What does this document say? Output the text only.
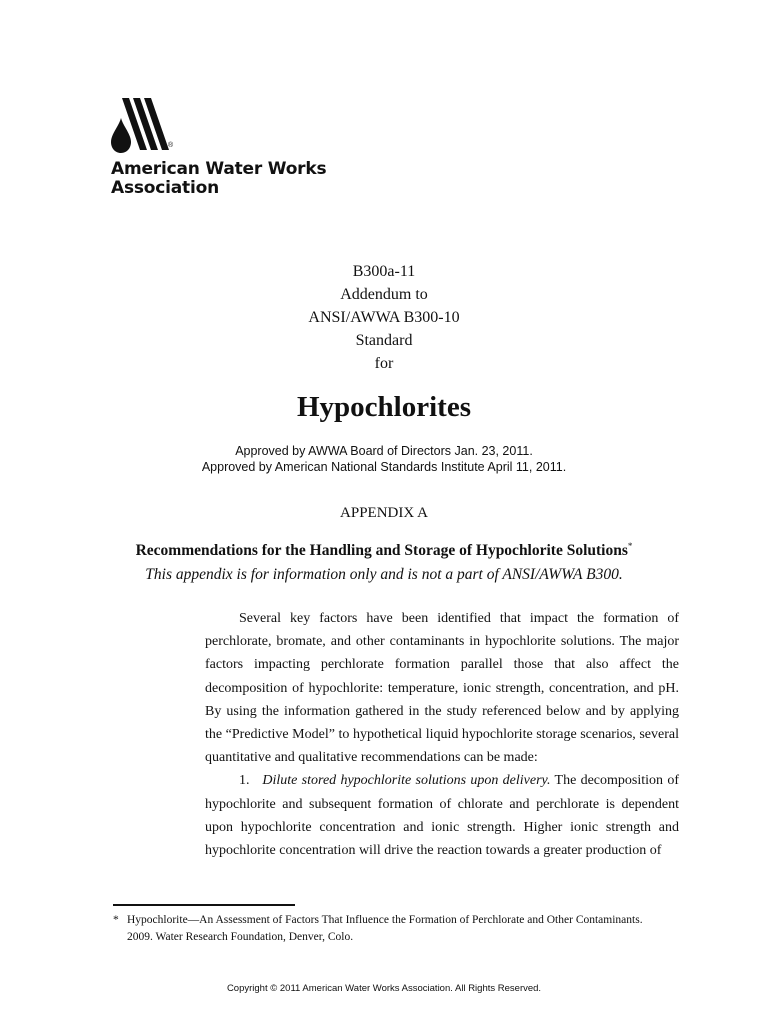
®
American Water Works
Association
B300a-11
Addendum to
ANSI/AWWA B300-10
Standard
for
Hypochlorites
Approved by AWWA Board of Directors Jan. 23, 2011.
Approved by American National Standards Institute April 11, 2011.
APPENDIX A
Recommendations for the Handling and Storage of Hypochlorite Solutions*
This appendix is for information only and is not a part of ANSI/AWWA B300.

Several key factors have been identified that impact the formation of perchlorate, bromate, and other contaminants in hypochlorite solutions. The major factors impacting perchlorate formation parallel those that also affect the decomposition of hypochlorite: temperature, ionic strength, concentration, and pH. By using the information gathered in the study referenced below and by applying the “Predictive Model” to hypothetical liquid hypochlorite storage scenarios, several quantitative and qualitative recommendations can be made:

1. Dilute stored hypochlorite solutions upon delivery. The decomposition of hypochlorite and subsequent formation of chlorate and perchlorate is dependent upon hypochlorite concentration and ionic strength. Higher ionic strength and hypochlorite concentration will drive the reaction towards a greater production of

* Hypochlorite—An Assessment of Factors That Influence the Formation of Perchlorate and Other Contaminants.
2009. Water Research Foundation, Denver, Colo.
Copyright © 2011 American Water Works Association. All Rights Reserved.
